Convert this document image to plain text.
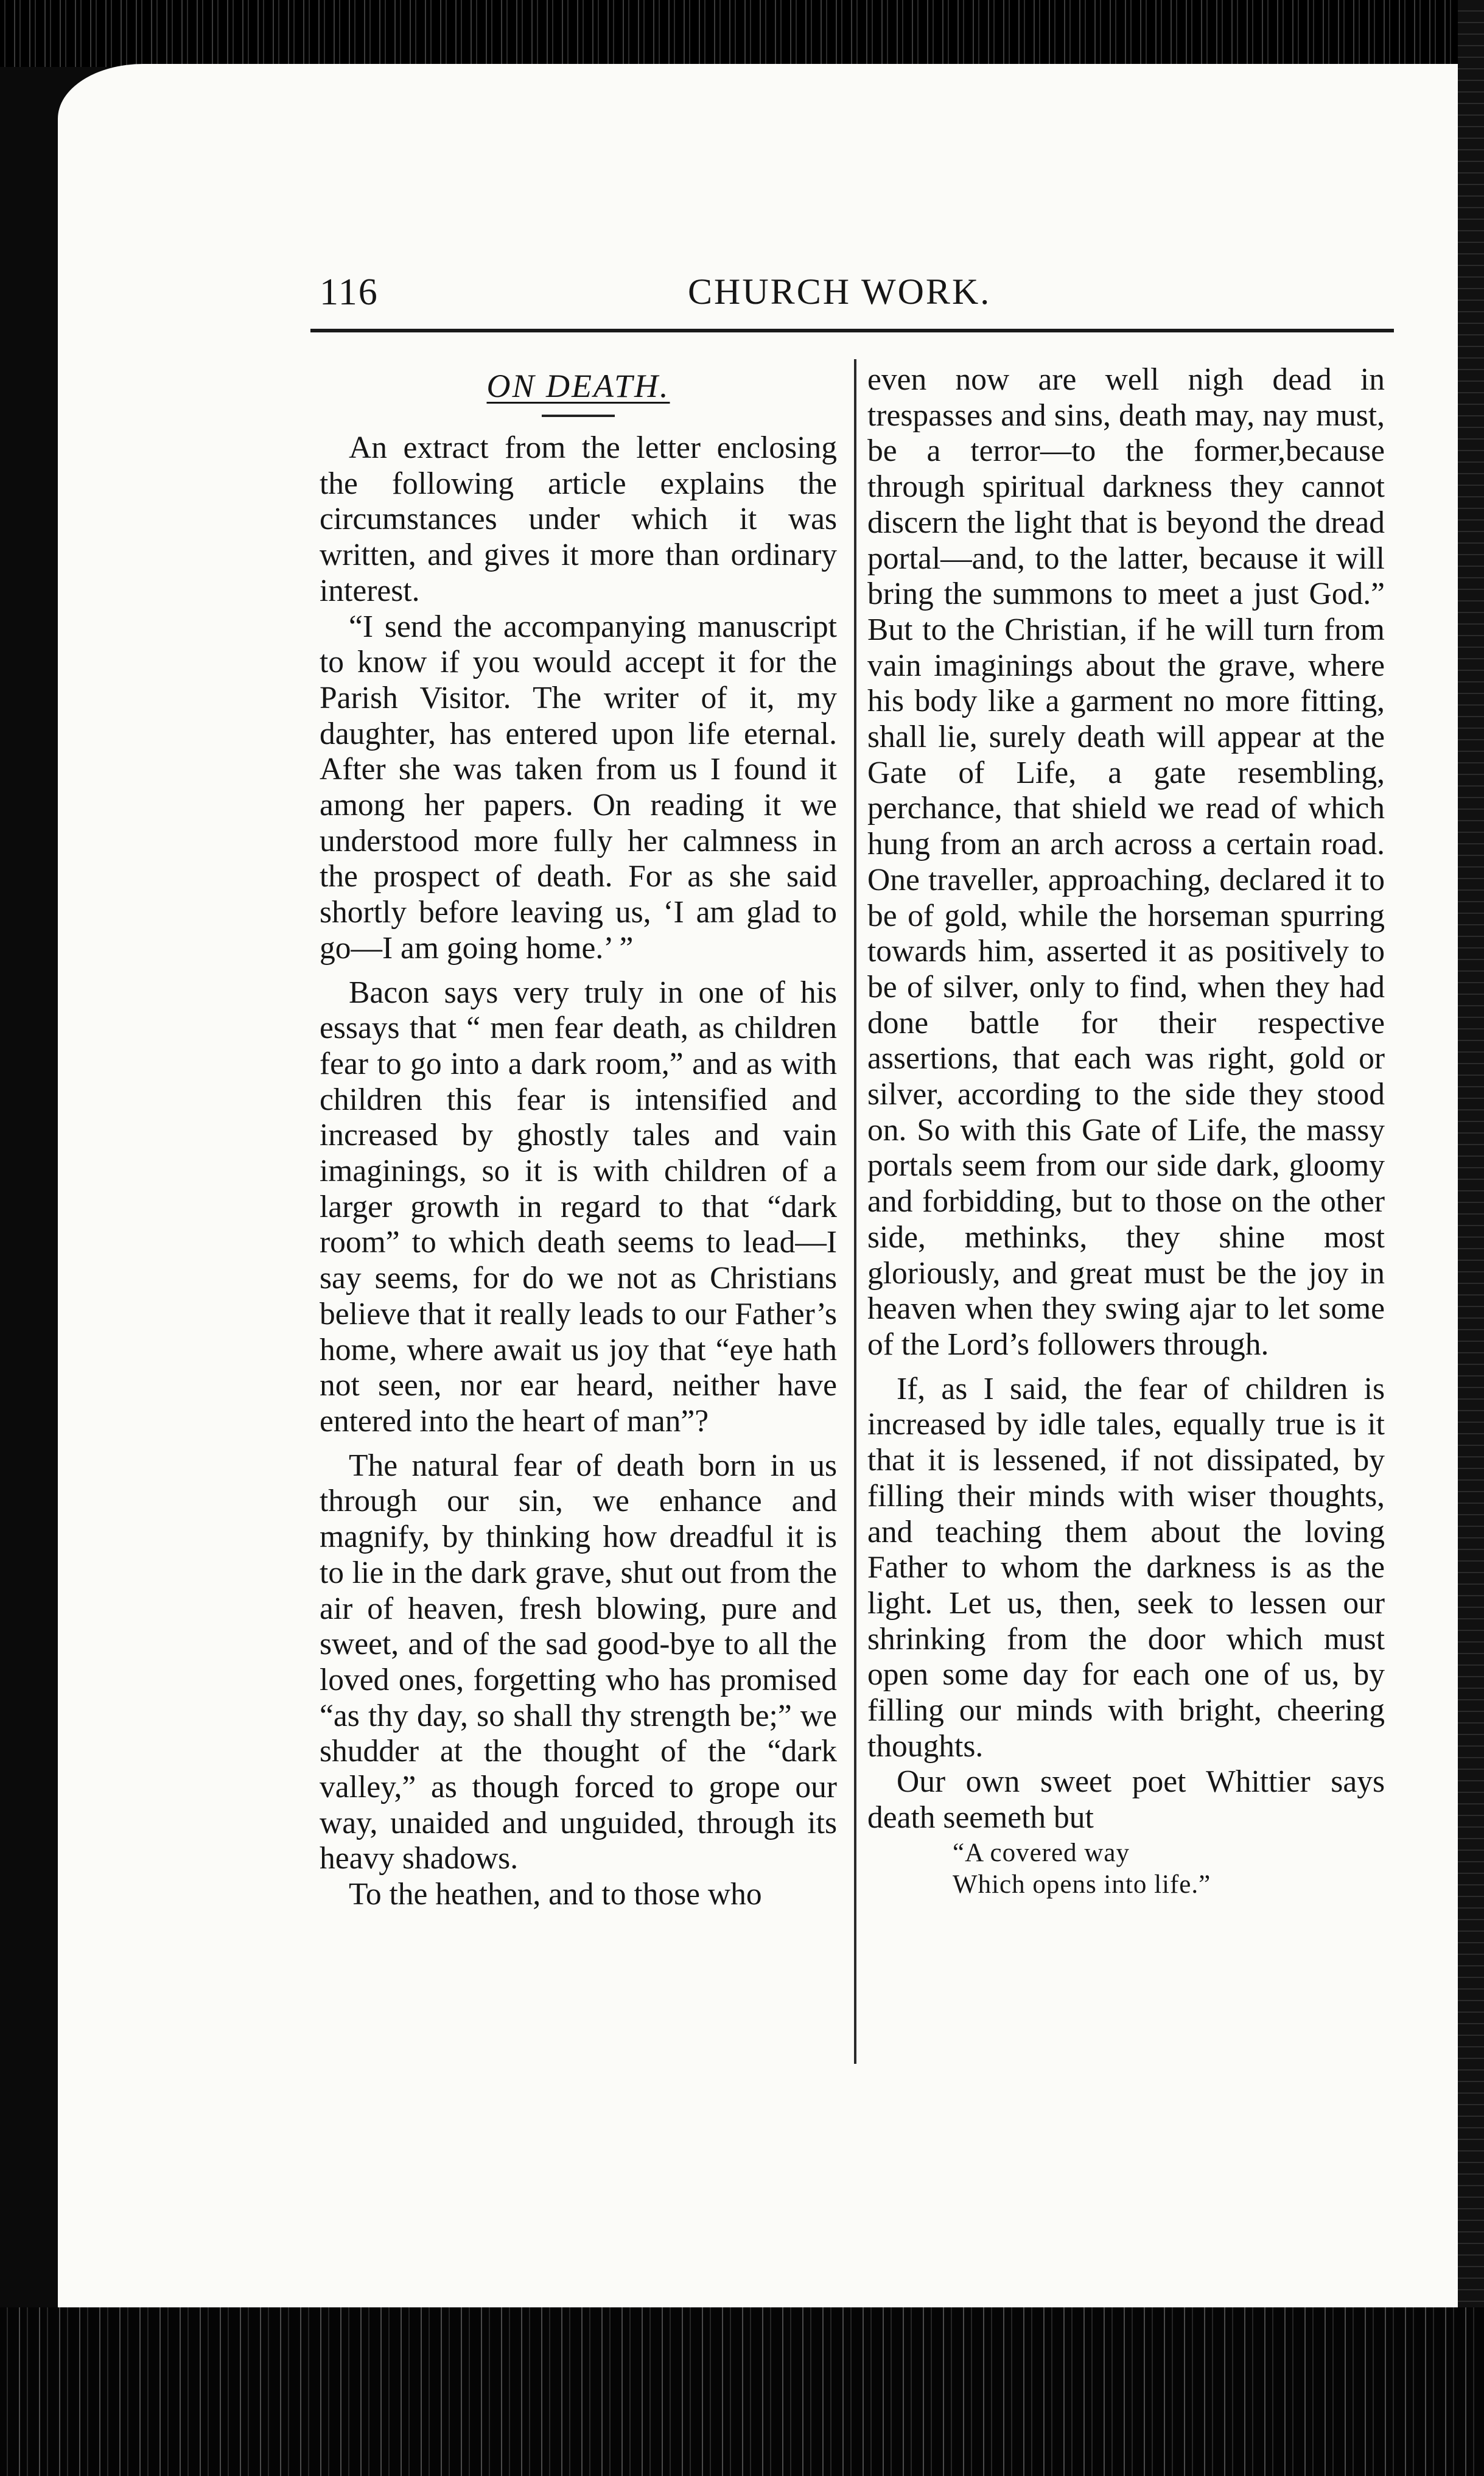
116	CHURCH WORK.
ON DEATH.

An extract from the letter enclosing the following article explains the circumstances under which it was written, and gives it more than ordinary interest.

“I send the accompanying manuscript to know if you would accept it for the Parish Visitor. The writer of it, my daughter, has entered upon life eternal. After she was taken from us I found it among her papers. On reading it we understood more fully her calmness in the prospect of death. For as she said shortly before leaving us, ‘I am glad to go—I am going home.’ ”

Bacon says very truly in one of his essays that “ men fear death, as children fear to go into a dark room,” and as with children this fear is intensified and increased by ghostly tales and vain imaginings, so it is with children of a larger growth in regard to that “dark room” to which death seems to lead—I say seems, for do we not as Christians believe that it really leads to our Father’s home, where await us joy that “eye hath not seen, nor ear heard, neither have entered into the heart of man”?

The natural fear of death born in us through our sin, we enhance and magnify, by thinking how dreadful it is to lie in the dark grave, shut out from the air of heaven, fresh blowing, pure and sweet, and of the sad good-bye to all the loved ones, forgetting who has promised “as thy day, so shall thy strength be;” we shudder at the thought of the “dark valley,” as though forced to grope our way, unaided and unguided, through its heavy shadows.

To the heathen, and to those who

even now are well nigh dead in trespasses and sins, death may, nay must, be a terror—to the former,because through spiritual darkness they cannot discern the light that is beyond the dread portal—and, to the latter, because it will bring the summons to meet a just God.” But to the Christian, if he will turn from vain imaginings about the grave, where his body like a garment no more fitting, shall lie, surely death will appear at the Gate of Life, a gate resembling, perchance, that shield we read of which hung from an arch across a certain road. One traveller, approaching, declared it to be of gold, while the horseman spurring towards him, asserted it as positively to be of silver, only to find, when they had done battle for their respective assertions, that each was right, gold or silver, according to the side they stood on. So with this Gate of Life, the massy portals seem from our side dark, gloomy and forbidding, but to those on the other side, methinks, they shine most gloriously, and great must be the joy in heaven when they swing ajar to let some of the Lord’s followers through.

If, as I said, the fear of children is increased by idle tales, equally true is it that it is lessened, if not dissipated, by filling their minds with wiser thoughts, and teaching them about the loving Father to whom the darkness is as the light. Let us, then, seek to lessen our shrinking from the door which must open some day for each one of us, by filling our minds with bright, cheering thoughts.

Our own sweet poet Whittier says death seemeth but

“A covered way
Which opens into life.”
